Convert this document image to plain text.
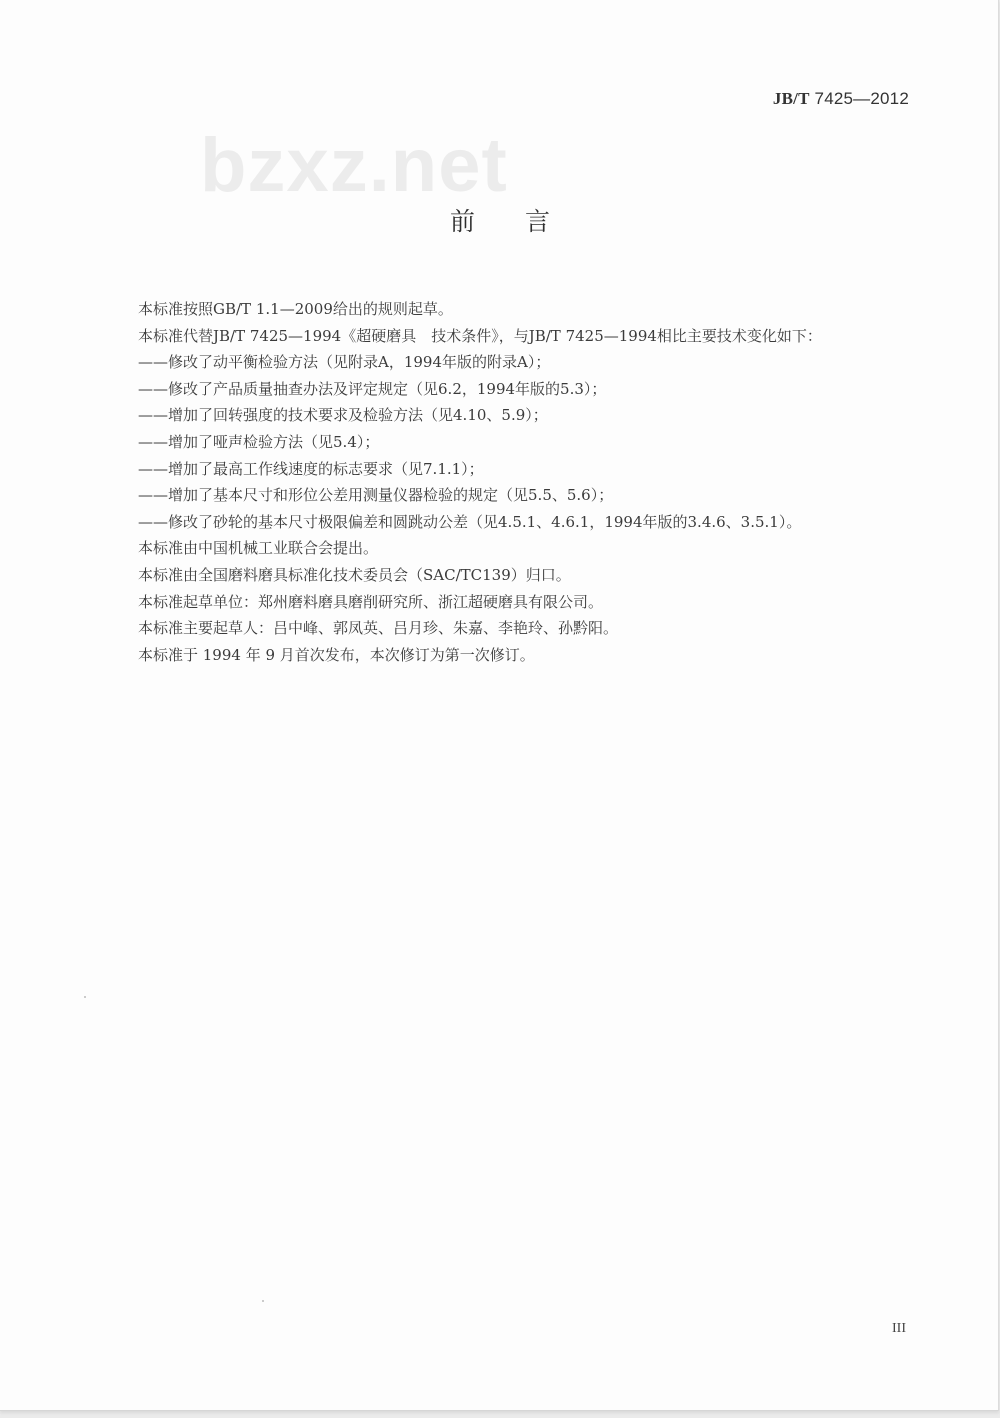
JB/T 7425—2012
bzxz.net
前 言
本标准按照GB/T 1.1—2009给出的规则起草。
本标准代替JB/T 7425—1994《超硬磨具　技术条件》，与JB/T 7425—1994相比主要技术变化如下：
——修改了动平衡检验方法（见附录A，1994年版的附录A）；
——修改了产品质量抽查办法及评定规定（见6.2，1994年版的5.3）；
——增加了回转强度的技术要求及检验方法（见4.10、5.9）；
——增加了哑声检验方法（见5.4）；
——增加了最高工作线速度的标志要求（见7.1.1）；
——增加了基本尺寸和形位公差用测量仪器检验的规定（见5.5、5.6）；
——修改了砂轮的基本尺寸极限偏差和圆跳动公差（见4.5.1、4.6.1，1994年版的3.4.6、3.5.1）。
本标准由中国机械工业联合会提出。
本标准由全国磨料磨具标准化技术委员会（SAC/TC139）归口。
本标准起草单位：郑州磨料磨具磨削研究所、浙江超硬磨具有限公司。
本标准主要起草人：吕中峰、郭凤英、吕月珍、朱嘉、李艳玲、孙黔阳。
本标准于 1994 年 9 月首次发布，本次修订为第一次修订。
III
